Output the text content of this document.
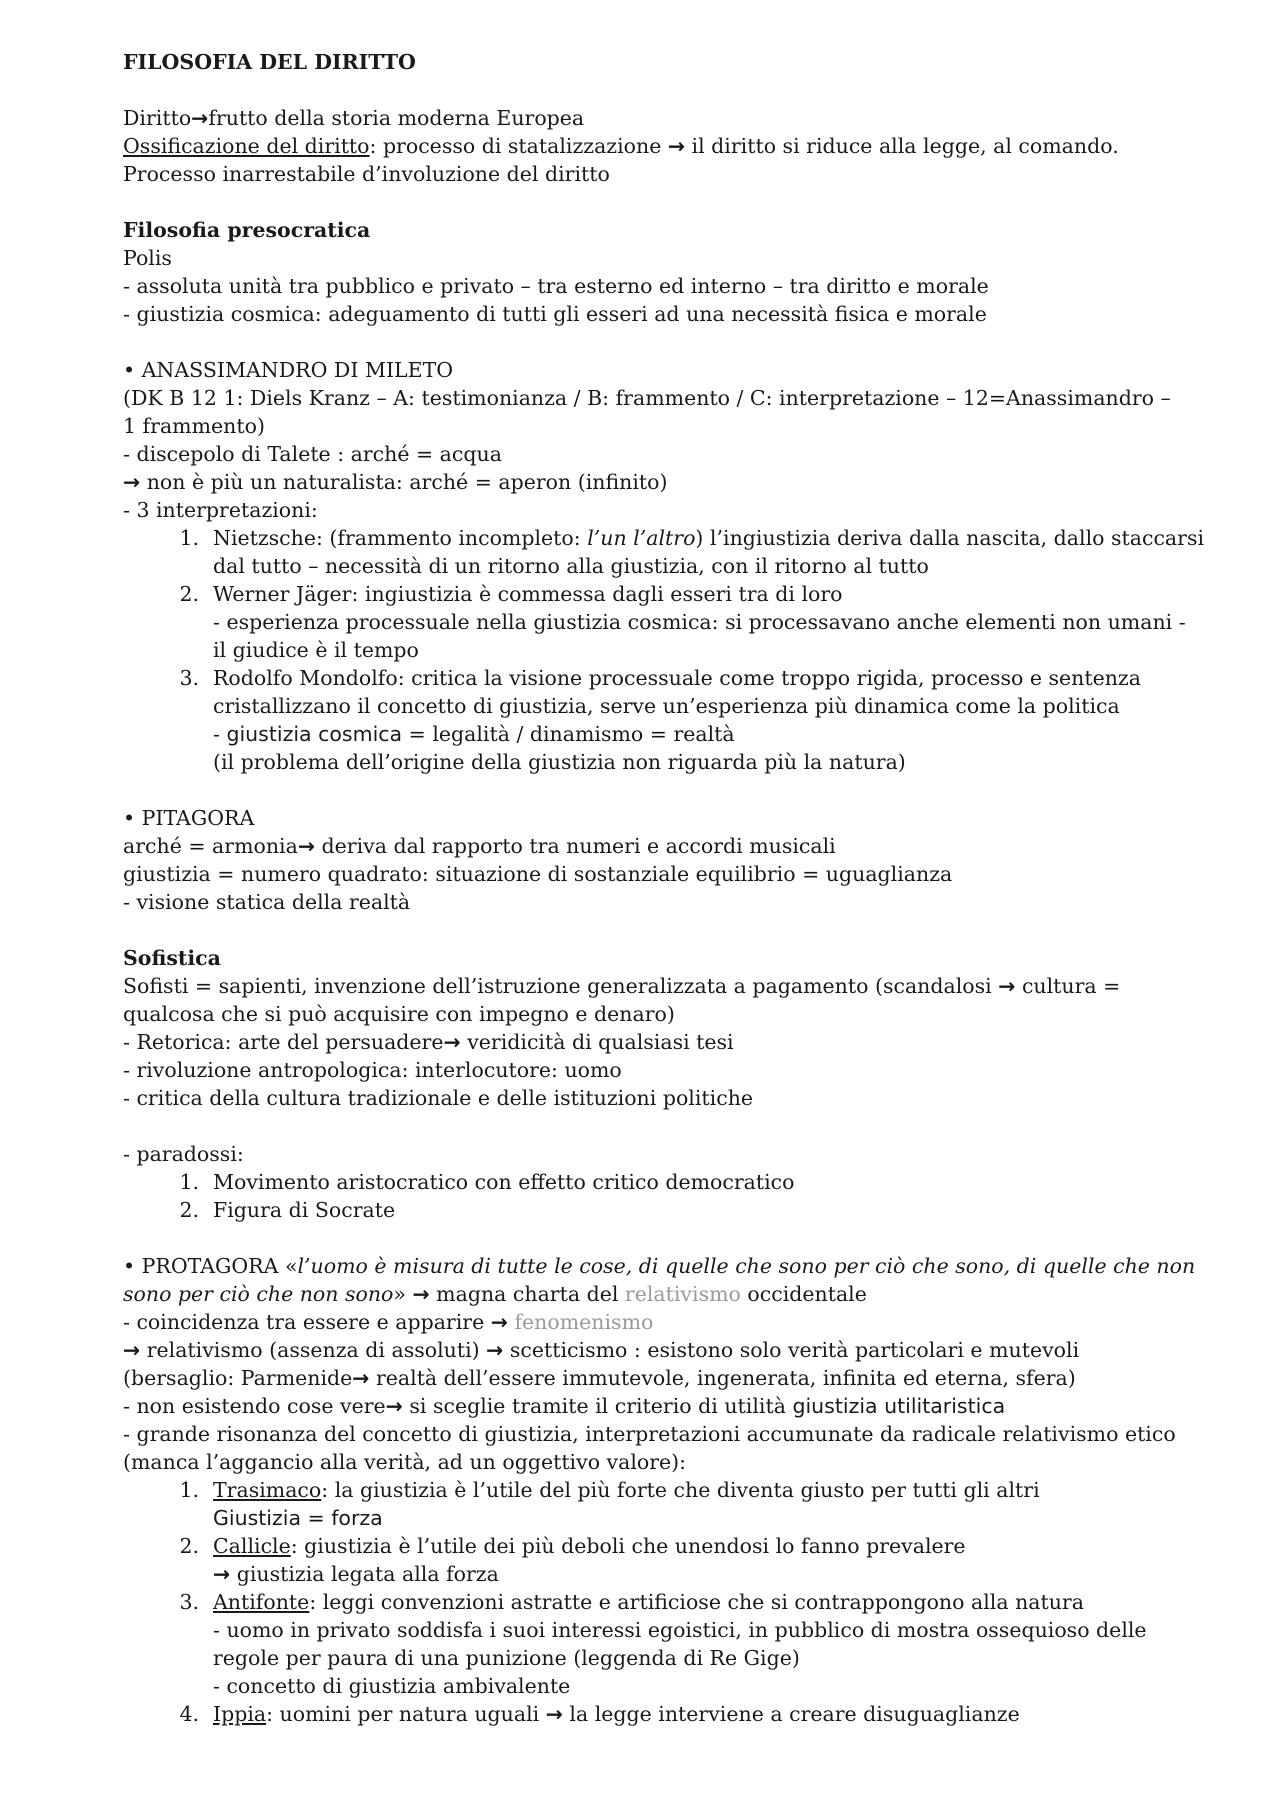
FILOSOFIA DEL DIRITTO
Diritto→frutto della storia moderna Europea
Ossificazione del diritto: processo di statalizzazione → il diritto si riduce alla legge, al comando.
Processo inarrestabile d’involuzione del diritto
Filosofia presocratica
Polis
- assoluta unità tra pubblico e privato – tra esterno ed interno – tra diritto e morale
- giustizia cosmica: adeguamento di tutti gli esseri ad una necessità fisica e morale
• ANASSIMANDRO DI MILETO
(DK B 12 1: Diels Kranz – A: testimonianza / B: frammento / C: interpretazione – 12=Anassimandro –
1 frammento)
- discepolo di Talete : arché = acqua
→ non è più un naturalista: arché = aperon (infinito)
- 3 interpretazioni:
1. Nietzsche: (frammento incompleto: l’un l’altro) l’ingiustizia deriva dalla nascita, dallo staccarsi
dal tutto – necessità di un ritorno alla giustizia, con il ritorno al tutto
2. Werner Jäger: ingiustizia è commessa dagli esseri tra di loro
- esperienza processuale nella giustizia cosmica: si processavano anche elementi non umani -
il giudice è il tempo
3. Rodolfo Mondolfo: critica la visione processuale come troppo rigida, processo e sentenza
cristallizzano il concetto di giustizia, serve un’esperienza più dinamica come la politica
- giustizia cosmica = legalità / dinamismo = realtà
(il problema dell’origine della giustizia non riguarda più la natura)
• PITAGORA
arché = armonia→ deriva dal rapporto tra numeri e accordi musicali
giustizia = numero quadrato: situazione di sostanziale equilibrio = uguaglianza
- visione statica della realtà
Sofistica
Sofisti = sapienti, invenzione dell’istruzione generalizzata a pagamento (scandalosi → cultura =
qualcosa che si può acquisire con impegno e denaro)
- Retorica: arte del persuadere→ veridicità di qualsiasi tesi
- rivoluzione antropologica: interlocutore: uomo
- critica della cultura tradizionale e delle istituzioni politiche
- paradossi:
1. Movimento aristocratico con effetto critico democratico
2. Figura di Socrate
• PROTAGORA «l’uomo è misura di tutte le cose, di quelle che sono per ciò che sono, di quelle che non
sono per ciò che non sono» → magna charta del relativismo occidentale
- coincidenza tra essere e apparire → fenomenismo
→ relativismo (assenza di assoluti) → scetticismo : esistono solo verità particolari e mutevoli
(bersaglio: Parmenide→ realtà dell’essere immutevole, ingenerata, infinita ed eterna, sfera)
- non esistendo cose vere→ si sceglie tramite il criterio di utilità giustizia utilitaristica
- grande risonanza del concetto di giustizia, interpretazioni accumunate da radicale relativismo etico
(manca l’aggancio alla verità, ad un oggettivo valore):
1. Trasimaco: la giustizia è l’utile del più forte che diventa giusto per tutti gli altri
Giustizia = forza
2. Callicle: giustizia è l’utile dei più deboli che unendosi lo fanno prevalere
→ giustizia legata alla forza
3. Antifonte: leggi convenzioni astratte e artificiose che si contrappongono alla natura
- uomo in privato soddisfa i suoi interessi egoistici, in pubblico di mostra ossequioso delle
regole per paura di una punizione (leggenda di Re Gige)
- concetto di giustizia ambivalente
4. Ippia: uomini per natura uguali → la legge interviene a creare disuguaglianze
